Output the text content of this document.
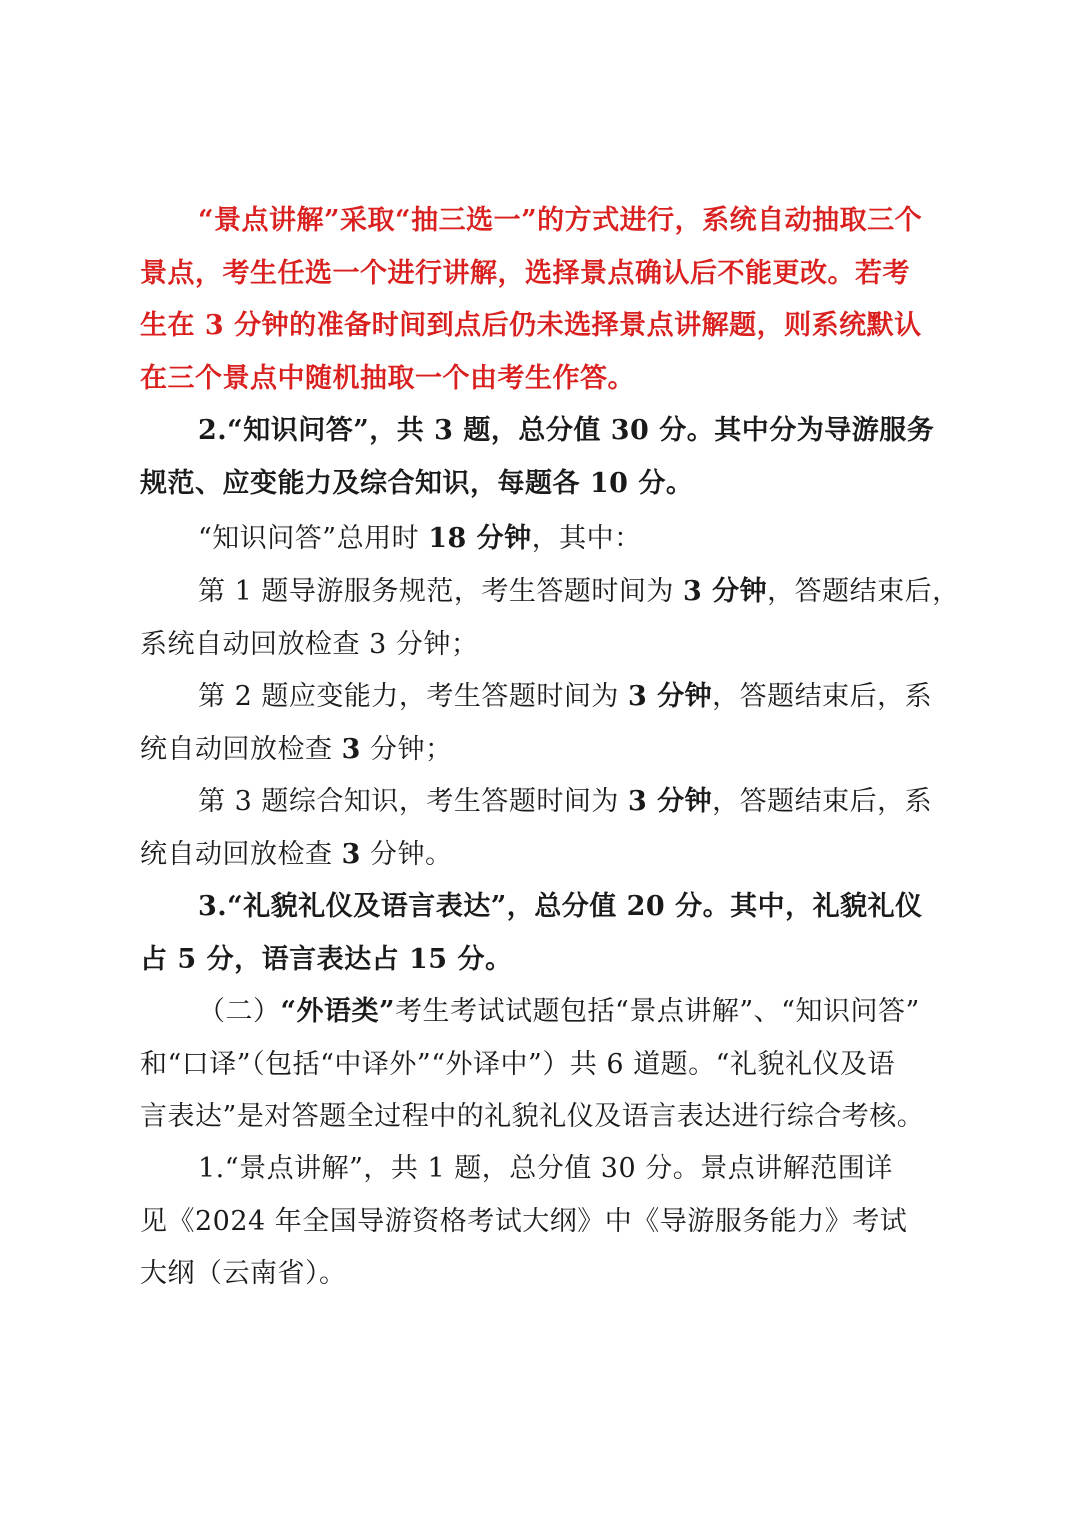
“景点讲解”采取“抽三选一”的方式进行，系统自动抽取三个
景点，考生任选一个进行讲解，选择景点确认后不能更改。若考
生在 3 分钟的准备时间到点后仍未选择景点讲解题，则系统默认
在三个景点中随机抽取一个由考生作答。
2.“知识问答”，共 3 题，总分值 30 分。其中分为导游服务
规范、应变能力及综合知识，每题各 10 分。
“知识问答”总用时 18 分钟，其中：
第 1 题导游服务规范，考生答题时间为 3 分钟，答题结束后，
系统自动回放检查 3 分钟；
第 2 题应变能力，考生答题时间为 3 分钟，答题结束后，系
统自动回放检查 3 分钟；
第 3 题综合知识，考生答题时间为 3 分钟，答题结束后，系
统自动回放检查 3 分钟。
3.“礼貌礼仪及语言表达”，总分值 20 分。其中，礼貌礼仪
占 5 分，语言表达占 15 分。
（二）“外语类”考生考试试题包括“景点讲解”、“知识问答”
和“口译”（包括“中译外”“外译中”）共 6 道题。“礼貌礼仪及语
言表达”是对答题全过程中的礼貌礼仪及语言表达进行综合考核。
1.“景点讲解”，共 1 题，总分值 30 分。景点讲解范围详
见《2024 年全国导游资格考试大纲》中《导游服务能力》考试
大纲（云南省）。
